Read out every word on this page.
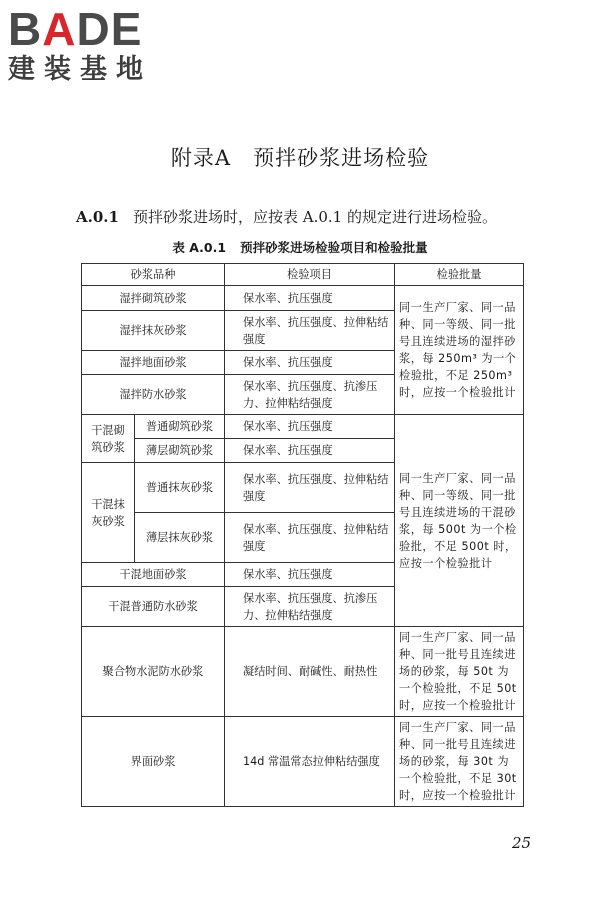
BADE
建装基地
附录A　预拌砂浆进场检验
A.0.1 预拌砂浆进场时，应按表 A.0.1 的规定进行进场检验。
表 A.0.1 预拌砂浆进场检验项目和检验批量
砂浆品种		检验项目	检验批量
湿拌砌筑砂浆		保水率、抗压强度	同一生产厂家、同一品种、同一等级、同一批号且连续进场的湿拌砂浆，每 250m³ 为一个检验批，不足 250m³ 时，应按一个检验批计
湿拌抹灰砂浆		保水率、抗压强度、拉伸粘结强度	
湿拌地面砂浆		保水率、抗压强度	
湿拌防水砂浆		保水率、抗压强度、抗渗压力、拉伸粘结强度	
干混砌筑砂浆	普通砌筑砂浆	保水率、抗压强度	同一生产厂家、同一品种、同一等级、同一批号且连续进场的干混砂浆，每 500t 为一个检验批，不足 500t 时，应按一个检验批计
	薄层砌筑砂浆	保水率、抗压强度	
干混抹灰砂浆	普通抹灰砂浆	保水率、抗压强度、拉伸粘结强度	
	薄层抹灰砂浆	保水率、抗压强度、拉伸粘结强度	
干混地面砂浆		保水率、抗压强度	
干混普通防水砂浆		保水率、抗压强度、抗渗压力、拉伸粘结强度	
聚合物水泥防水砂浆		凝结时间、耐碱性、耐热性	同一生产厂家、同一品种、同一批号且连续进场的砂浆，每 50t 为一个检验批，不足 50t 时，应按一个检验批计
界面砂浆		14d 常温常态拉伸粘结强度	同一生产厂家、同一品种、同一批号且连续进场的砂浆，每 30t 为一个检验批，不足 30t 时，应按一个检验批计
25
